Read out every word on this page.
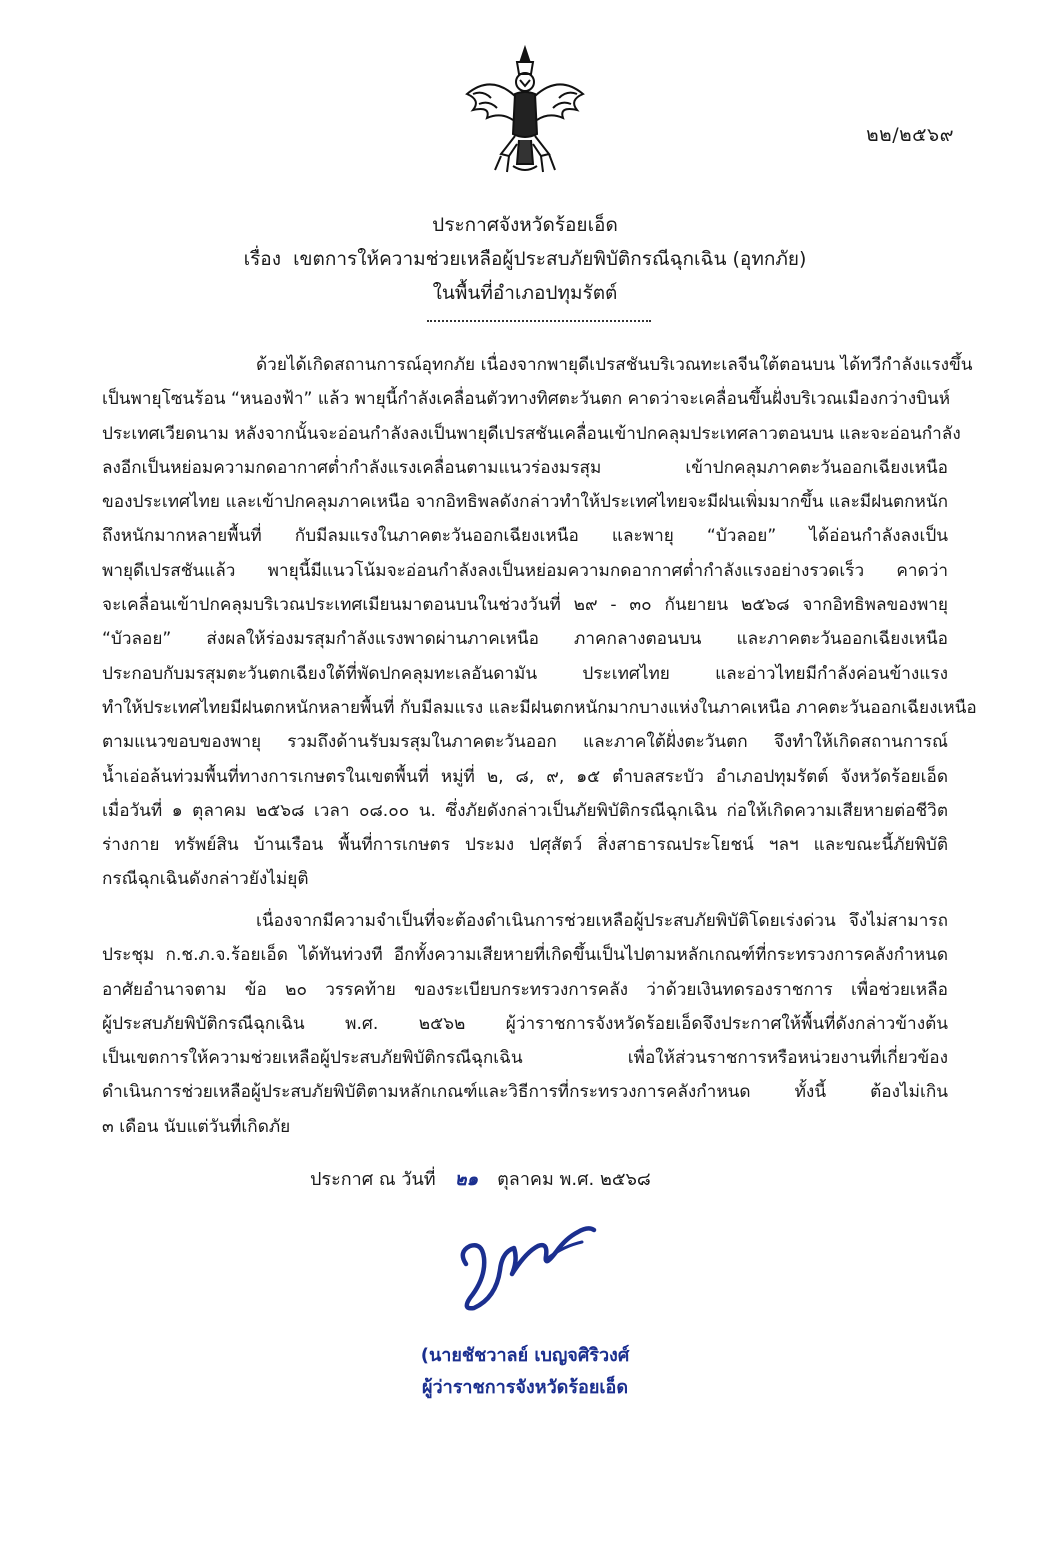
๒๒/๒๕๖๙
ประกาศจังหวัดร้อยเอ็ด
เรื่อง เขตการให้ความช่วยเหลือผู้ประสบภัยพิบัติกรณีฉุกเฉิน (อุทกภัย)
ในพื้นที่อำเภอปทุมรัตต์
ด้วยได้เกิดสถานการณ์อุทกภัย เนื่องจากพายุดีเปรสชันบริเวณทะเลจีนใต้ตอนบน ได้ทวีกำลังแรงขึ้น
เป็นพายุโซนร้อน “หนองฟ้า” แล้ว พายุนี้กำลังเคลื่อนตัวทางทิศตะวันตก คาดว่าจะเคลื่อนขึ้นฝั่งบริเวณเมืองกว่างบินห์
ประเทศเวียดนาม หลังจากนั้นจะอ่อนกำลังลงเป็นพายุดีเปรสชันเคลื่อนเข้าปกคลุมประเทศลาวตอนบน และจะอ่อนกำลัง
ลงอีกเป็นหย่อมความกดอากาศต่ำกำลังแรงเคลื่อนตามแนวร่องมรสุม เข้าปกคลุมภาคตะวันออกเฉียงเหนือ
ของประเทศไทย และเข้าปกคลุมภาคเหนือ จากอิทธิพลดังกล่าวทำให้ประเทศไทยจะมีฝนเพิ่มมากขึ้น และมีฝนตกหนัก
ถึงหนักมากหลายพื้นที่ กับมีลมแรงในภาคตะวันออกเฉียงเหนือ และพายุ “บัวลอย” ได้อ่อนกำลังลงเป็น
พายุดีเปรสชันแล้ว พายุนี้มีแนวโน้มจะอ่อนกำลังลงเป็นหย่อมความกดอากาศต่ำกำลังแรงอย่างรวดเร็ว คาดว่า
จะเคลื่อนเข้าปกคลุมบริเวณประเทศเมียนมาตอนบนในช่วงวันที่ ๒๙ - ๓๐ กันยายน ๒๕๖๘ จากอิทธิพลของพายุ
“บัวลอย” ส่งผลให้ร่องมรสุมกำลังแรงพาดผ่านภาคเหนือ ภาคกลางตอนบน และภาคตะวันออกเฉียงเหนือ
ประกอบกับมรสุมตะวันตกเฉียงใต้ที่พัดปกคลุมทะเลอันดามัน ประเทศไทย และอ่าวไทยมีกำลังค่อนข้างแรง
ทำให้ประเทศไทยมีฝนตกหนักหลายพื้นที่ กับมีลมแรง และมีฝนตกหนักมากบางแห่งในภาคเหนือ ภาคตะวันออกเฉียงเหนือ
ตามแนวขอบของพายุ รวมถึงด้านรับมรสุมในภาคตะวันออก และภาคใต้ฝั่งตะวันตก จึงทำให้เกิดสถานการณ์
น้ำเอ่อล้นท่วมพื้นที่ทางการเกษตรในเขตพื้นที่ หมู่ที่ ๒, ๘, ๙, ๑๕ ตำบลสระบัว อำเภอปทุมรัตต์ จังหวัดร้อยเอ็ด
เมื่อวันที่ ๑ ตุลาคม ๒๕๖๘ เวลา ๐๘.๐๐ น. ซึ่งภัยดังกล่าวเป็นภัยพิบัติกรณีฉุกเฉิน ก่อให้เกิดความเสียหายต่อชีวิต
ร่างกาย ทรัพย์สิน บ้านเรือน พื้นที่การเกษตร ประมง ปศุสัตว์ สิ่งสาธารณประโยชน์ ฯลฯ และขณะนี้ภัยพิบัติ
กรณีฉุกเฉินดังกล่าวยังไม่ยุติ
เนื่องจากมีความจำเป็นที่จะต้องดำเนินการช่วยเหลือผู้ประสบภัยพิบัติโดยเร่งด่วน จึงไม่สามารถ
ประชุม ก.ช.ภ.จ.ร้อยเอ็ด ได้ทันท่วงที อีกทั้งความเสียหายที่เกิดขึ้นเป็นไปตามหลักเกณฑ์ที่กระทรวงการคลังกำหนด
อาศัยอำนาจตาม ข้อ ๒๐ วรรคท้าย ของระเบียบกระทรวงการคลัง ว่าด้วยเงินทดรองราชการ เพื่อช่วยเหลือ
ผู้ประสบภัยพิบัติกรณีฉุกเฉิน พ.ศ. ๒๕๖๒ ผู้ว่าราชการจังหวัดร้อยเอ็ดจึงประกาศให้พื้นที่ดังกล่าวข้างต้น
เป็นเขตการให้ความช่วยเหลือผู้ประสบภัยพิบัติกรณีฉุกเฉิน เพื่อให้ส่วนราชการหรือหน่วยงานที่เกี่ยวข้อง
ดำเนินการช่วยเหลือผู้ประสบภัยพิบัติตามหลักเกณฑ์และวิธีการที่กระทรวงการคลังกำหนด ทั้งนี้ ต้องไม่เกิน
๓ เดือน นับแต่วันที่เกิดภัย
ประกาศ ณ วันที่ ๒๑ ตุลาคม พ.ศ. ๒๕๖๘
(นายชัชวาลย์ เบญจศิริวงศ์
ผู้ว่าราชการจังหวัดร้อยเอ็ด
